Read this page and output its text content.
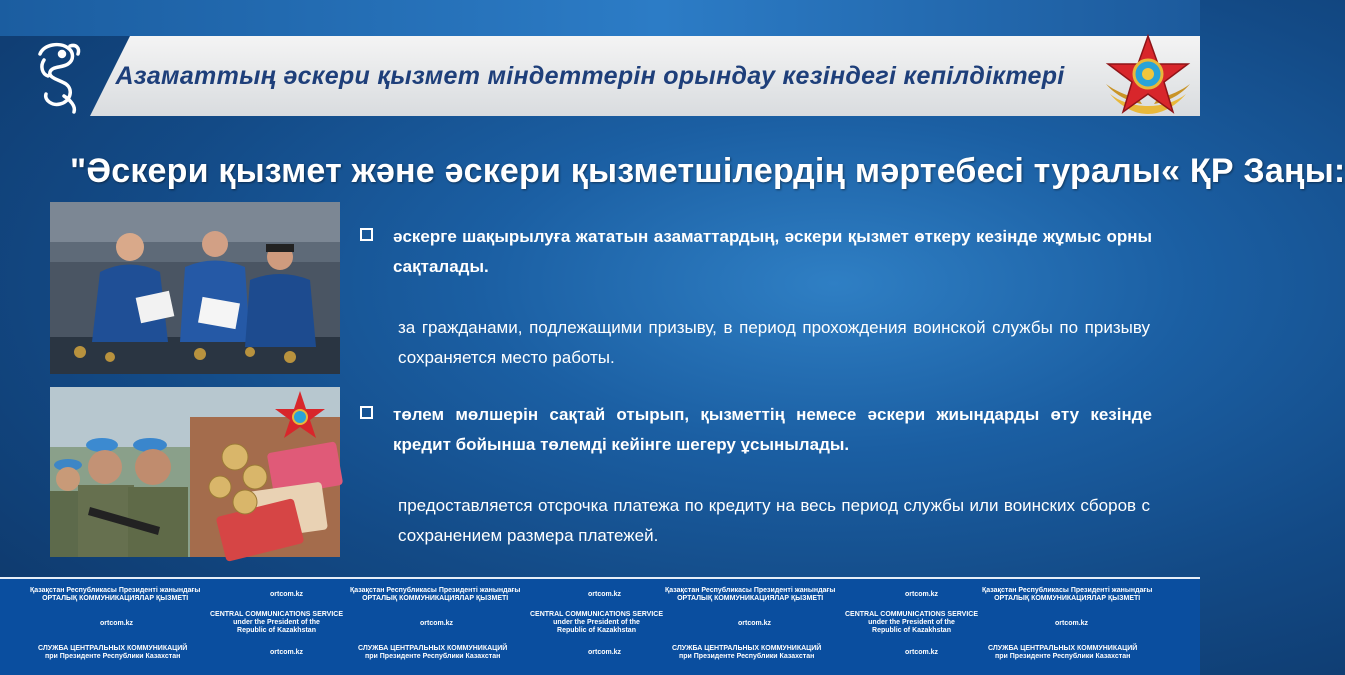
Азаматтың әскери қызмет міндеттерін орындау кезіндегі кепілдіктері
"Әскери қызмет және әскери қызметшілердің мәртебесі туралы« ҚР Заңы:
әскерге шақырылуға жататын азаматтардың, әскери қызмет өткеру кезінде жұмыс орны сақталады.
за гражданами, подлежащими призыву, в период прохождения воинской службы по призыву сохраняется место работы.
төлем мөлшерін сақтай отырып, қызметтің немесе әскери жиындарды өту кезінде кредит бойынша төлемді кейінге шегеру ұсынылады.
предоставляется отсрочка платежа по кредиту на весь период службы или воинских сборов с сохранением размера платежей.
Қазақстан Республикасы Президенті жанындағы
ОРТАЛЫҚ КОММУНИКАЦИЯЛАР ҚЫЗМЕТІ
ortcom.kz
Қазақстан Республикасы Президенті жанындағы
ОРТАЛЫҚ КОММУНИКАЦИЯЛАР ҚЫЗМЕТІ
ortcom.kz
Қазақстан Республикасы Президенті жанындағы
ОРТАЛЫҚ КОММУНИКАЦИЯЛАР ҚЫЗМЕТІ
ortcom.kz
Қазақстан Республикасы Президенті жанындағы
ОРТАЛЫҚ КОММУНИКАЦИЯЛАР ҚЫЗМЕТІ
ortcom.kz
CENTRAL COMMUNICATIONS SERVICE
under the President of the
Republic of Kazakhstan
ortcom.kz
CENTRAL COMMUNICATIONS SERVICE
under the President of the
Republic of Kazakhstan
ortcom.kz
CENTRAL COMMUNICATIONS SERVICE
under the President of the
Republic of Kazakhstan
ortcom.kz
СЛУЖБА ЦЕНТРАЛЬНЫХ КОММУНИКАЦИЙ
при Президенте Республики Казахстан
ortcom.kz
СЛУЖБА ЦЕНТРАЛЬНЫХ КОММУНИКАЦИЙ
при Президенте Республики Казахстан
ortcom.kz
СЛУЖБА ЦЕНТРАЛЬНЫХ КОММУНИКАЦИЙ
при Президенте Республики Казахстан
ortcom.kz
СЛУЖБА ЦЕНТРАЛЬНЫХ КОММУНИКАЦИЙ
при Президенте Республики Казахстан
